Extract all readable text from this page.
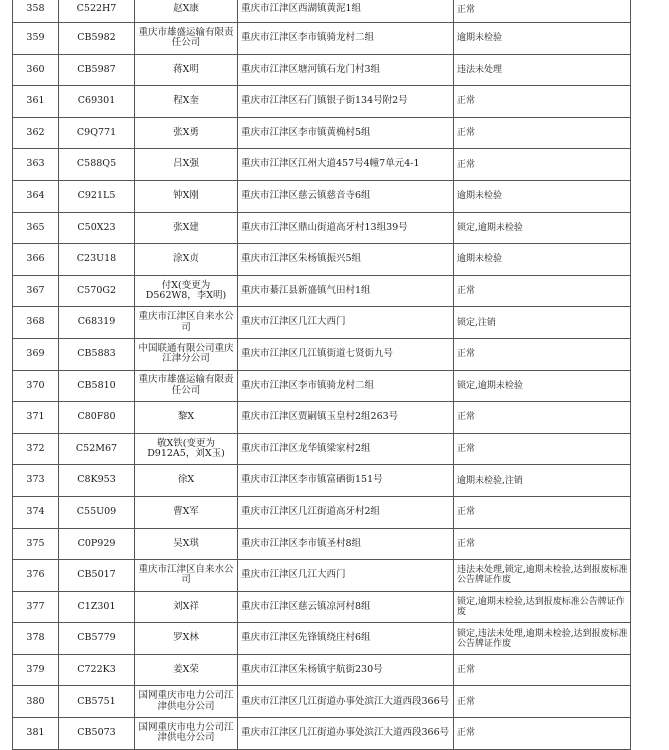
358	C522H7	赵X康	重庆市江津区西湖镇黄泥1组	正常
359	CB5982	重庆市雄盛运输有限责任公司	重庆市江津区李市镇骑龙村二组	逾期未检验
360	CB5987	蒋X明	重庆市江津区塘河镇石龙门村3组	违法未处理
361	C69301	程X奎	重庆市江津区石门镇银子街134号附2号	正常
362	C9Q771	张X勇	重庆市江津区李市镇黄桷村5组	正常
363	C588Q5	吕X强	重庆市江津区江州大道457号4幢7单元4-1	正常
364	C921L5	钟X刚	重庆市江津区慈云镇慈音寺6组	逾期未检验
365	C50X23	张X建	重庆市江津区鼎山街道高牙村13组39号	锁定,逾期未检验
366	C23U18	涂X贞	重庆市江津区朱杨镇振兴5组	逾期未检验
367	C570G2	付X(变更为D562W8，李X明)	重庆市綦江县新盛镇气田村1组	正常
368	C68319	重庆市江津区自来水公司	重庆市江津区几江大西门	锁定,注销
369	CB5883	中国联通有限公司重庆江津分公司	重庆市江津区几江镇街道七贤街九号	正常
370	CB5810	重庆市雄盛运输有限责任公司	重庆市江津区李市镇骑龙村二组	锁定,逾期未检验
371	C80F80	黎X	重庆市江津区贾嗣镇玉皇村2组263号	正常
372	C52M67	敬X铁(变更为D912A5，刘X玉)	重庆市江津区龙华镇梁家村2组	正常
373	C8K953	徐X	重庆市江津区李市镇富硒街151号	逾期未检验,注销
374	C55U09	曹X军	重庆市江津区几江街道高牙村2组	正常
375	C0P929	吴X琪	重庆市江津区李市镇圣村8组	正常
376	CB5017	重庆市江津区自来水公司	重庆市江津区几江大西门	违法未处理,锁定,逾期未检验,达到报废标准公告牌证作废
377	C1Z301	刘X祥	重庆市江津区慈云镇凉河村8组	锁定,逾期未检验,达到报废标准公告牌证作废
378	CB5779	罗X林	重庆市江津区先锋镇绕庄村6组	锁定,违法未处理,逾期未检验,达到报废标准公告牌证作废
379	C722K3	姜X荣	重庆市江津区朱杨镇宇航街230号	正常
380	CB5751	国网重庆市电力公司江津供电分公司	重庆市江津区几江街道办事处滨江大道西段366号	正常
381	CB5073	国网重庆市电力公司江津供电分公司	重庆市江津区几江街道办事处滨江大道西段366号	正常
